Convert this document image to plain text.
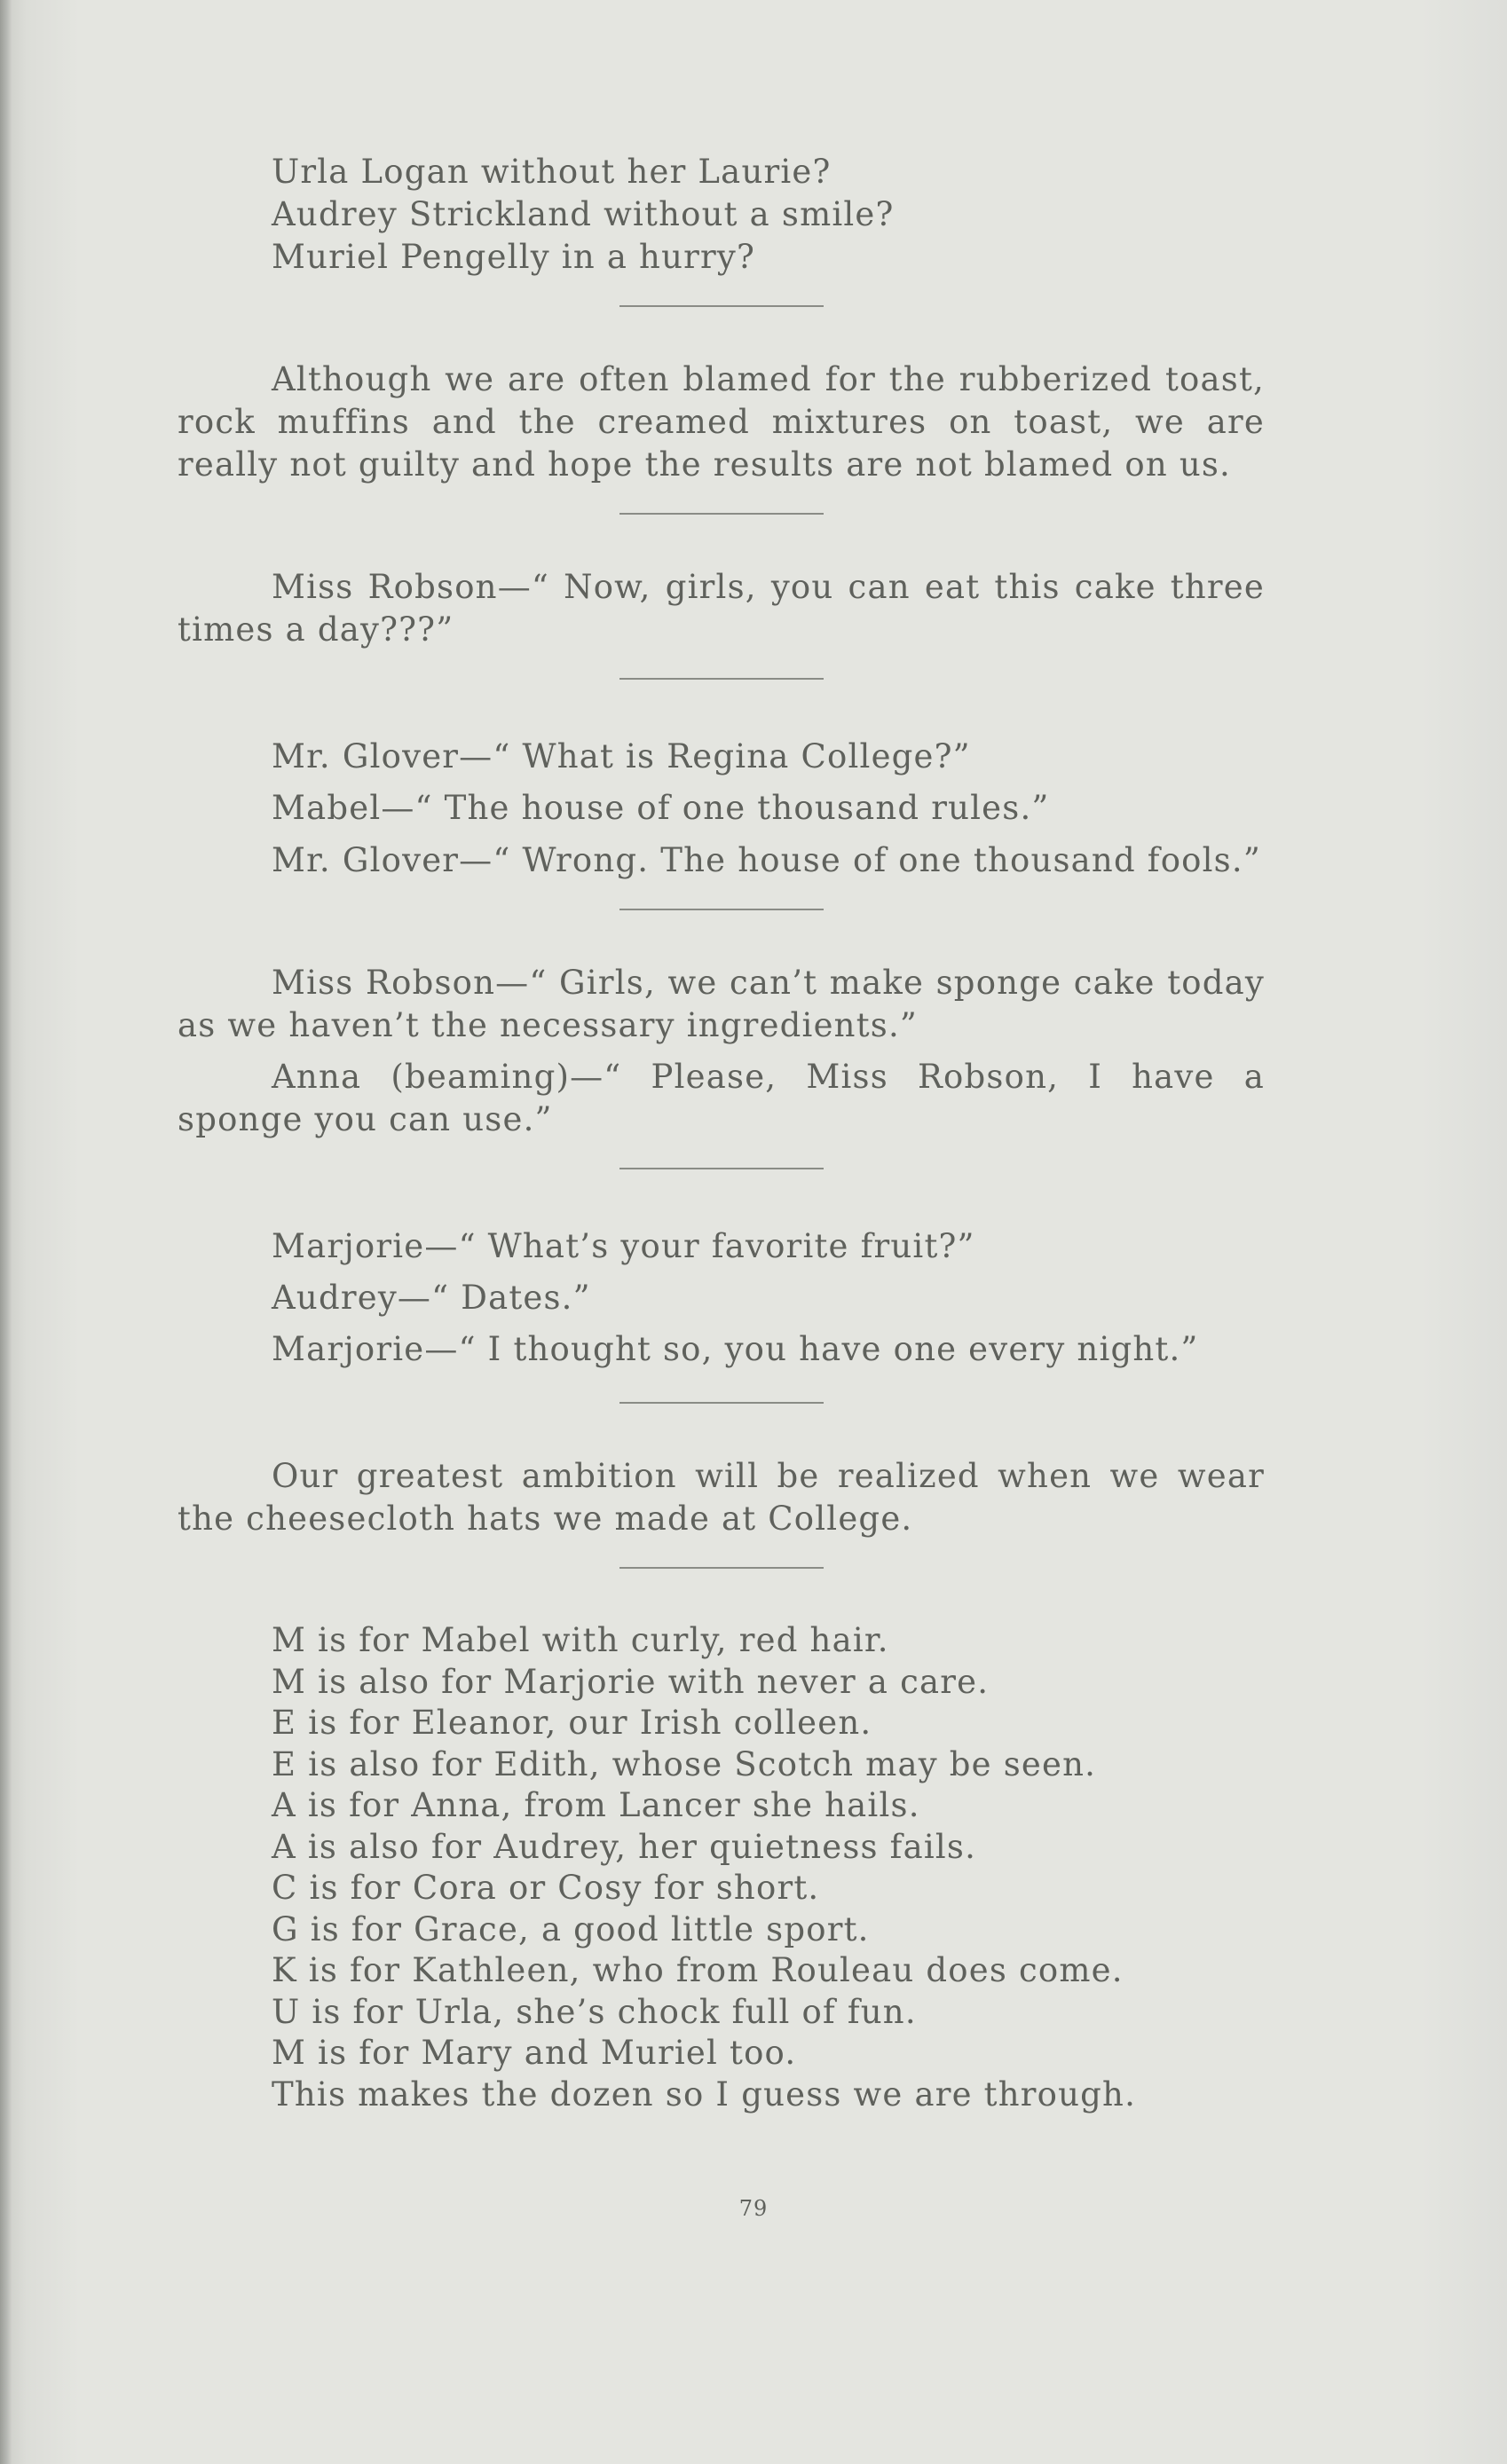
Urla Logan without her Laurie?
Audrey Strickland without a smile?
Muriel Pengelly in a hurry?
Although we are often blamed for the rubberized toast, rock muffins and the creamed mixtures on toast, we are really not guilty and hope the results are not blamed on us.
Miss Robson—“ Now, girls, you can eat this cake three times a day???”
Mr. Glover—“ What is Regina College?”
Mabel—“ The house of one thousand rules.”
Mr. Glover—“ Wrong. The house of one thousand fools.”
Miss Robson—“ Girls, we can’t make sponge cake today as we haven’t the necessary ingredients.”
Anna (beaming)—“ Please, Miss Robson, I have a sponge you can use.”
Marjorie—“ What’s your favorite fruit?”
Audrey—“ Dates.”
Marjorie—“ I thought so, you have one every night.”
Our greatest ambition will be realized when we wear the cheesecloth hats we made at College.
M is for Mabel with curly, red hair.
M is also for Marjorie with never a care.
E is for Eleanor, our Irish colleen.
E is also for Edith, whose Scotch may be seen.
A is for Anna, from Lancer she hails.
A is also for Audrey, her quietness fails.
C is for Cora or Cosy for short.
G is for Grace, a good little sport.
K is for Kathleen, who from Rouleau does come.
U is for Urla, she’s chock full of fun.
M is for Mary and Muriel too.
This makes the dozen so I guess we are through.
79
